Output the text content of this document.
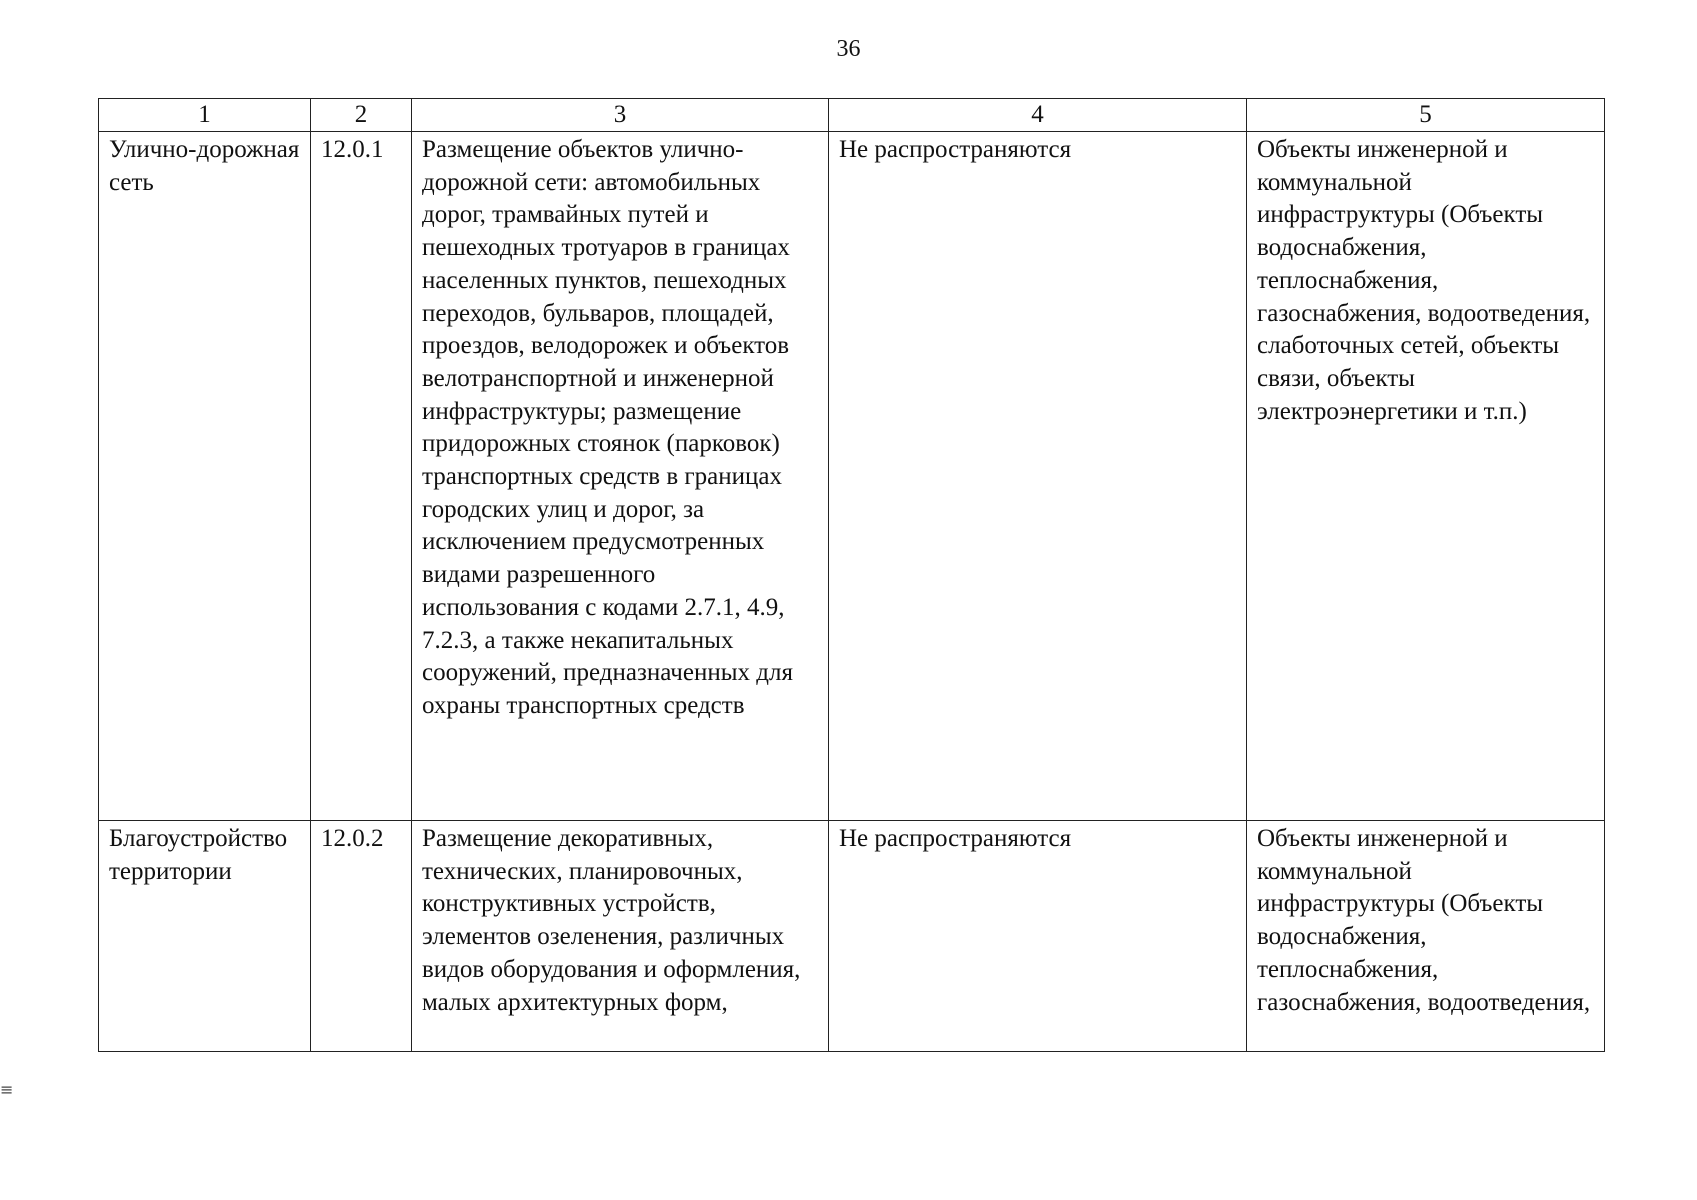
36
1	2	3	4	5

Улично-дорожная сеть	12.0.1	Размещение объектов улично-дорожной сети: автомобильных дорог, трамвайных путей и пешеходных тротуаров в границах населенных пунктов, пешеходных переходов, бульваров, площадей, проездов, велодорожек и объектов велотранспортной и инженерной инфраструктуры; размещение придорожных стоянок (парковок) транспортных средств в границах городских улиц и дорог, за исключением предусмотренных видами разрешенного использования с кодами 2.7.1, 4.9, 7.2.3, а также некапитальных сооружений, предназначенных для охраны транспортных средств	Не распространяются	Объекты инженерной и коммунальной инфраструктуры (Объекты водоснабжения, теплоснабжения, газоснабжения, водоотведения, слаботочных сетей, объекты связи, объекты электроэнергетики и т.п.)

Благоустройство территории	12.0.2	Размещение декоративных, технических, планировочных, конструктивных устройств, элементов озеленения, различных видов оборудования и оформления, малых архитектурных форм,	Не распространяются	Объекты инженерной и коммунальной инфраструктуры (Объекты водоснабжения, теплоснабжения, газоснабжения, водоотведения,
≡
